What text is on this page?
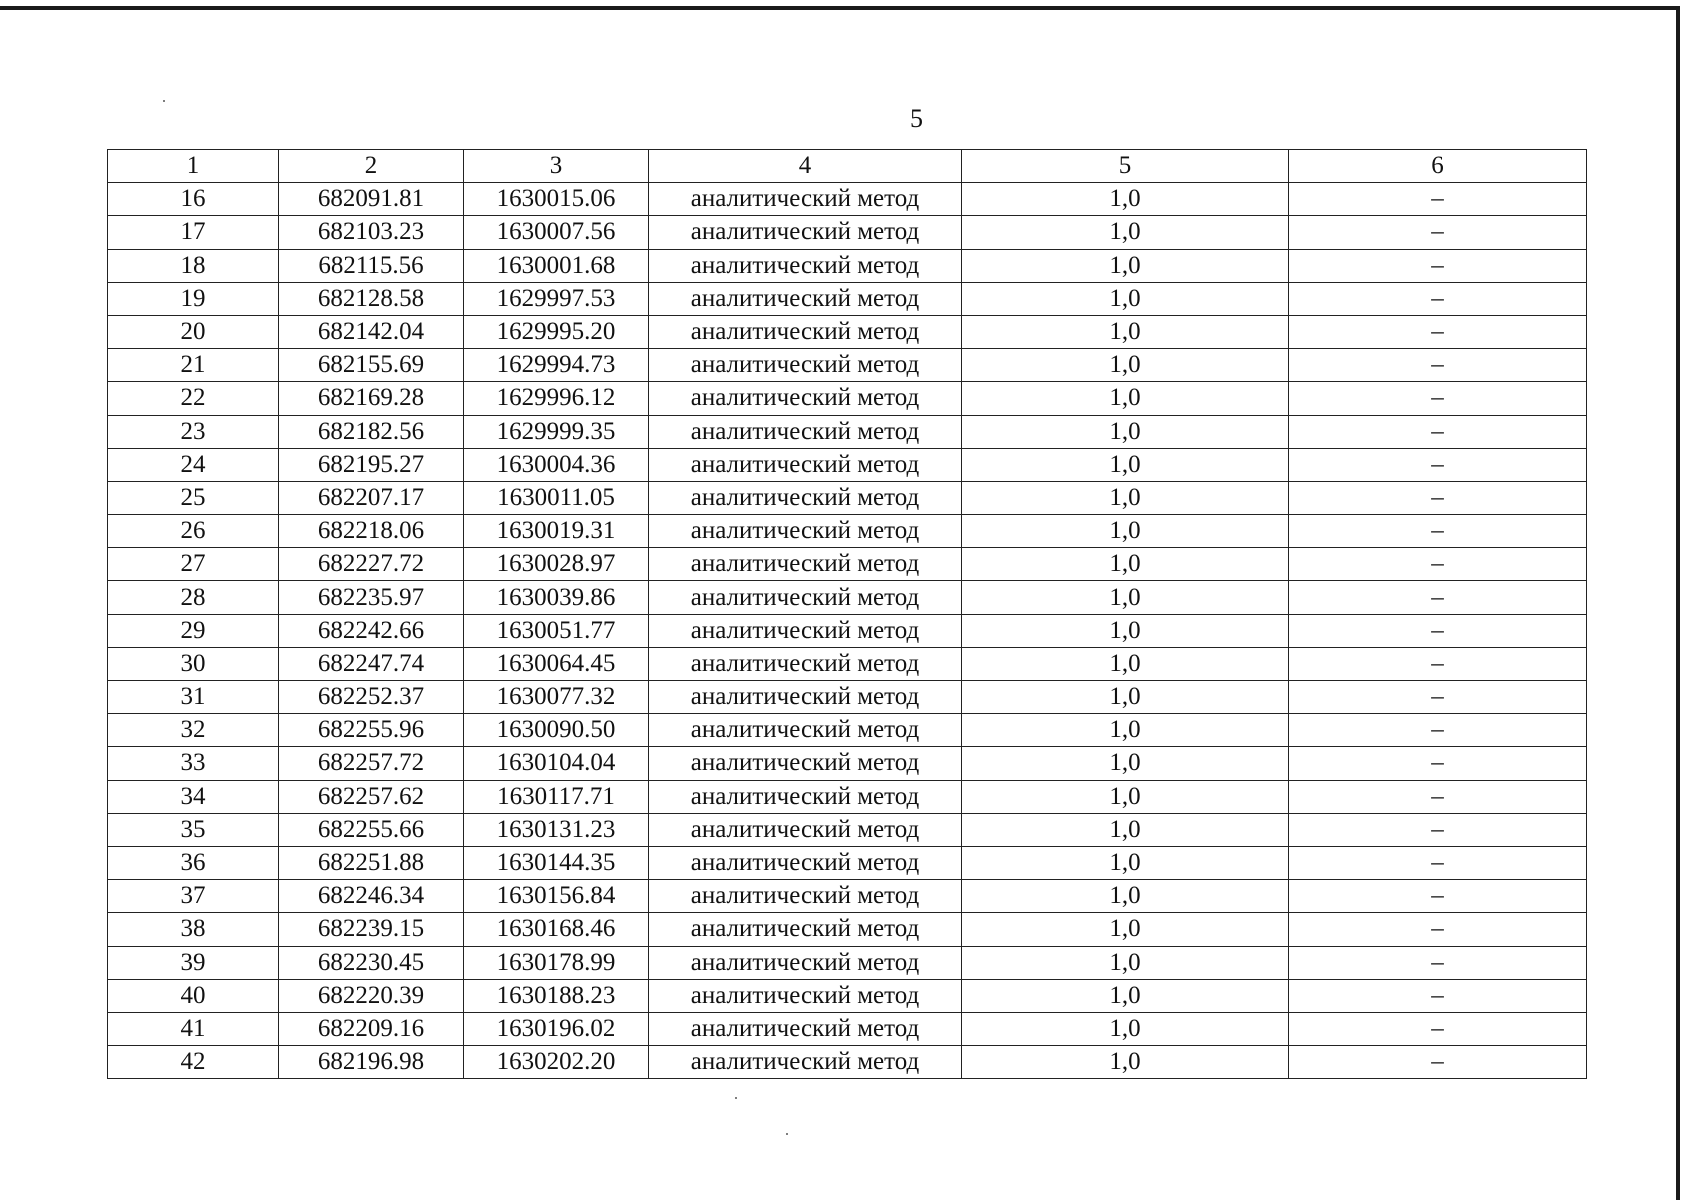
5
1	2	3	4	5	6
16	682091.81	1630015.06	аналитический метод	1,0	–
17	682103.23	1630007.56	аналитический метод	1,0	–
18	682115.56	1630001.68	аналитический метод	1,0	–
19	682128.58	1629997.53	аналитический метод	1,0	–
20	682142.04	1629995.20	аналитический метод	1,0	–
21	682155.69	1629994.73	аналитический метод	1,0	–
22	682169.28	1629996.12	аналитический метод	1,0	–
23	682182.56	1629999.35	аналитический метод	1,0	–
24	682195.27	1630004.36	аналитический метод	1,0	–
25	682207.17	1630011.05	аналитический метод	1,0	–
26	682218.06	1630019.31	аналитический метод	1,0	–
27	682227.72	1630028.97	аналитический метод	1,0	–
28	682235.97	1630039.86	аналитический метод	1,0	–
29	682242.66	1630051.77	аналитический метод	1,0	–
30	682247.74	1630064.45	аналитический метод	1,0	–
31	682252.37	1630077.32	аналитический метод	1,0	–
32	682255.96	1630090.50	аналитический метод	1,0	–
33	682257.72	1630104.04	аналитический метод	1,0	–
34	682257.62	1630117.71	аналитический метод	1,0	–
35	682255.66	1630131.23	аналитический метод	1,0	–
36	682251.88	1630144.35	аналитический метод	1,0	–
37	682246.34	1630156.84	аналитический метод	1,0	–
38	682239.15	1630168.46	аналитический метод	1,0	–
39	682230.45	1630178.99	аналитический метод	1,0	–
40	682220.39	1630188.23	аналитический метод	1,0	–
41	682209.16	1630196.02	аналитический метод	1,0	–
42	682196.98	1630202.20	аналитический метод	1,0	–
